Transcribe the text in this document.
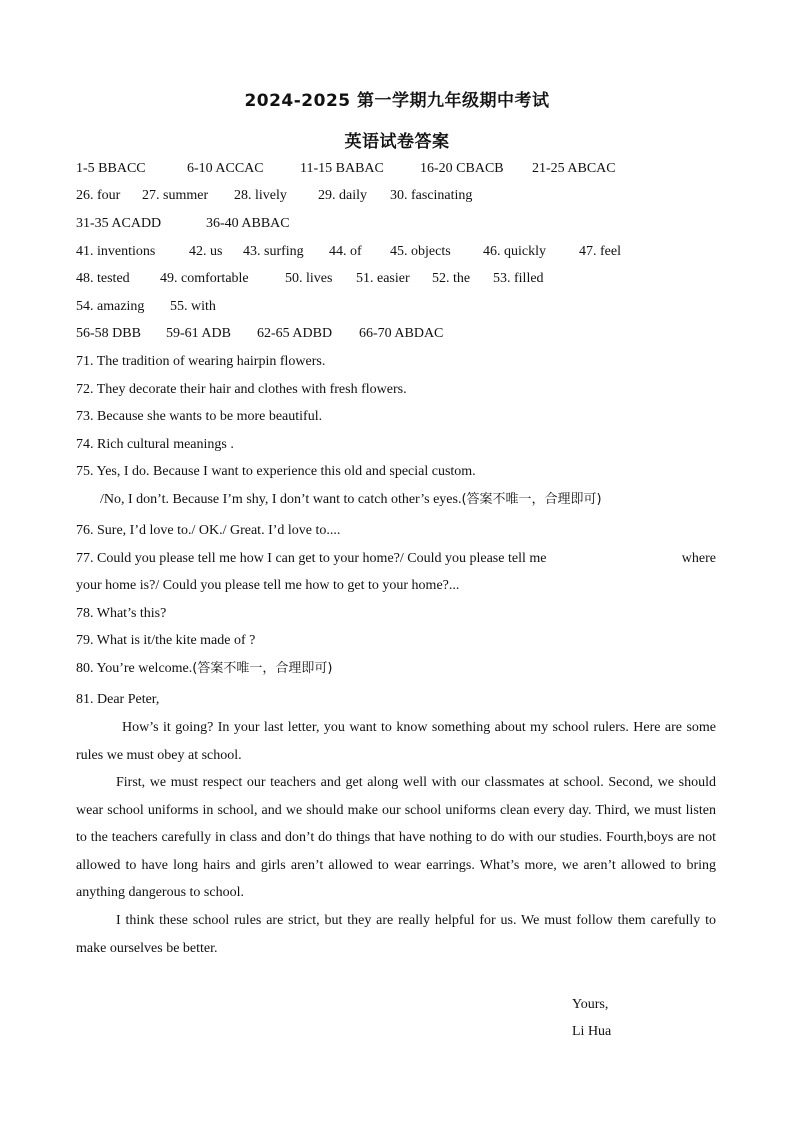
2024-2025 第一学期九年级期中考试
英语试卷答案
1-5 BBACC	6-10 ACCAC	11-15 BABAC	16-20 CBACB 21-25 ABCAC
26. four 27. summer 28. lively 29. daily 30. fascinating
31-35 ACADD	36-40 ABBAC
41. inventions 42. us 43. surfing 44. of 45. objects 46. quickly 47. feel
48. tested 49. comfortable	50. lives 51. easier 52. the 53. filled
54. amazing 55. with
56-58 DBB 59-61 ADB 62-65 ADBD 66-70 ABDAC
71. The tradition of wearing hairpin flowers.
72. They decorate their hair and clothes with fresh flowers.
73. Because she wants to be more beautiful.
74. Rich cultural meanings .
75. Yes, I do. Because I want to experience this old and special custom.
/No, I don’t. Because I’m shy, I don’t want to catch other’s eyes.(答案不唯一，合理即可)
76. Sure, I’d love to./ OK./ Great. I’d love to....
77. Could you please tell me how I can get to your home?/ Could you please tell me	where
your home is?/ Could you please tell me how to get to your home?...
78. What’s this?
79. What is it/the kite made of ?
80. You’re welcome.(答案不唯一，合理即可)
81. Dear Peter,
How’s it going? In your last letter, you want to know something about my school rulers. Here are some rules we must obey at school.
First, we must respect our teachers and get along well with our classmates at school. Second, we should wear school uniforms in school, and we should make our school uniforms clean every day. Third, we must listen to the teachers carefully in class and don’t do things that have nothing to do with our studies. Fourth,boys are not allowed to have long hairs and girls aren’t allowed to wear earrings. What’s more, we aren’t allowed to bring anything dangerous to school.
I think these school rules are strict, but they are really helpful for us. We must follow them carefully to make ourselves be better.
Yours,
Li Hua
